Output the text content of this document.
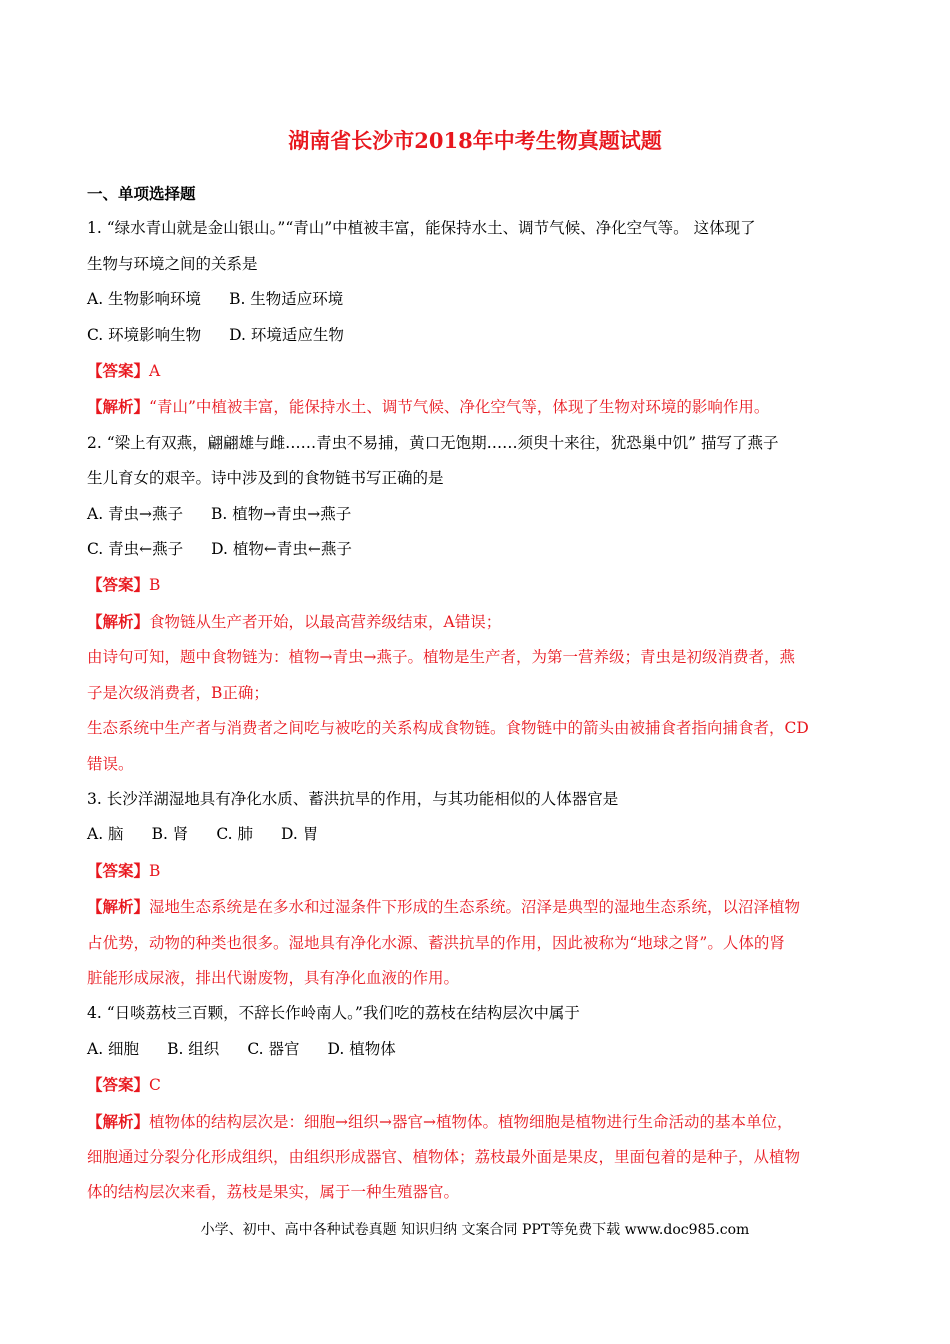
湖南省长沙市2018年中考生物真题试题
一、单项选择题
1. “绿水青山就是金山银山。”“青山”中植被丰富，能保持水土、调节气候、净化空气等。 这体现了
生物与环境之间的关系是
A. 生物影响环境 B. 生物适应环境
C. 环境影响生物 D. 环境适应生物
【答案】A
【解析】“青山”中植被丰富，能保持水土、调节气候、净化空气等，体现了生物对环境的影响作用。
2. “梁上有双燕，翩翩雄与雌……青虫不易捕，黄口无饱期……须臾十来往，犹恐巢中饥” 描写了燕子
生儿育女的艰辛。诗中涉及到的食物链书写正确的是
A. 青虫→燕子 B. 植物→青虫→燕子
C. 青虫←燕子 D. 植物←青虫←燕子
【答案】B
【解析】食物链从生产者开始，以最高营养级结束，A错误；
由诗句可知，题中食物链为：植物→青虫→燕子。植物是生产者，为第一营养级；青虫是初级消费者，燕
子是次级消费者，B正确；
生态系统中生产者与消费者之间吃与被吃的关系构成食物链。食物链中的箭头由被捕食者指向捕食者，CD
错误。
3. 长沙洋湖湿地具有净化水质、蓄洪抗旱的作用，与其功能相似的人体器官是
A. 脑 B. 肾 C. 肺 D. 胃
【答案】B
【解析】湿地生态系统是在多水和过湿条件下形成的生态系统。沼泽是典型的湿地生态系统，以沼泽植物
占优势，动物的种类也很多。湿地具有净化水源、蓄洪抗旱的作用，因此被称为“地球之肾”。人体的肾
脏能形成尿液，排出代谢废物，具有净化血液的作用。
4. “日啖荔枝三百颗，不辞长作岭南人。”我们吃的荔枝在结构层次中属于
A. 细胞 B. 组织 C. 器官 D. 植物体
【答案】C
【解析】植物体的结构层次是：细胞→组织→器官→植物体。植物细胞是植物进行生命活动的基本单位，
细胞通过分裂分化形成组织，由组织形成器官、植物体；荔枝最外面是果皮，里面包着的是种子，从植物
体的结构层次来看，荔枝是果实，属于一种生殖器官。
小学、初中、高中各种试卷真题 知识归纳 文案合同 PPT等免费下载 www.doc985.com
